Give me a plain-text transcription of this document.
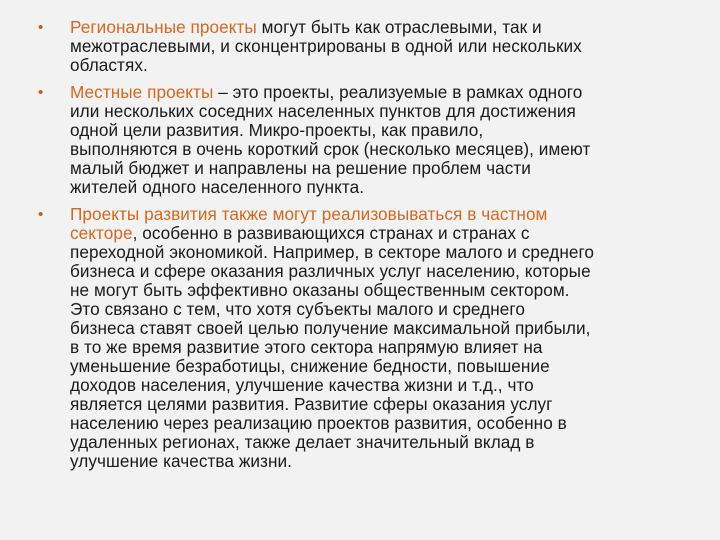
• Региональные проекты могут быть как отраслевыми, так и
межотраслевыми, и сконцентрированы в одной или нескольких
областях.
• Местные проекты – это проекты, реализуемые в рамках одного
или нескольких соседних населенных пунктов для достижения
одной цели развития. Микро-проекты, как правило,
выполняются в очень короткий срок (несколько месяцев), имеют
малый бюджет и направлены на решение проблем части
жителей одного населенного пункта.
• Проекты развития также могут реализовываться в частном
секторе, особенно в развивающихся странах и странах с
переходной экономикой. Например, в секторе малого и среднего
бизнеса и сфере оказания различных услуг населению, которые
не могут быть эффективно оказаны общественным сектором.
Это связано с тем, что хотя субъекты малого и среднего
бизнеса ставят своей целью получение максимальной прибыли,
в то же время развитие этого сектора напрямую влияет на
уменьшение безработицы, снижение бедности, повышение
доходов населения, улучшение качества жизни и т.д., что
является целями развития. Развитие сферы оказания услуг
населению через реализацию проектов развития, особенно в
удаленных регионах, также делает значительный вклад в
улучшение качества жизни.
